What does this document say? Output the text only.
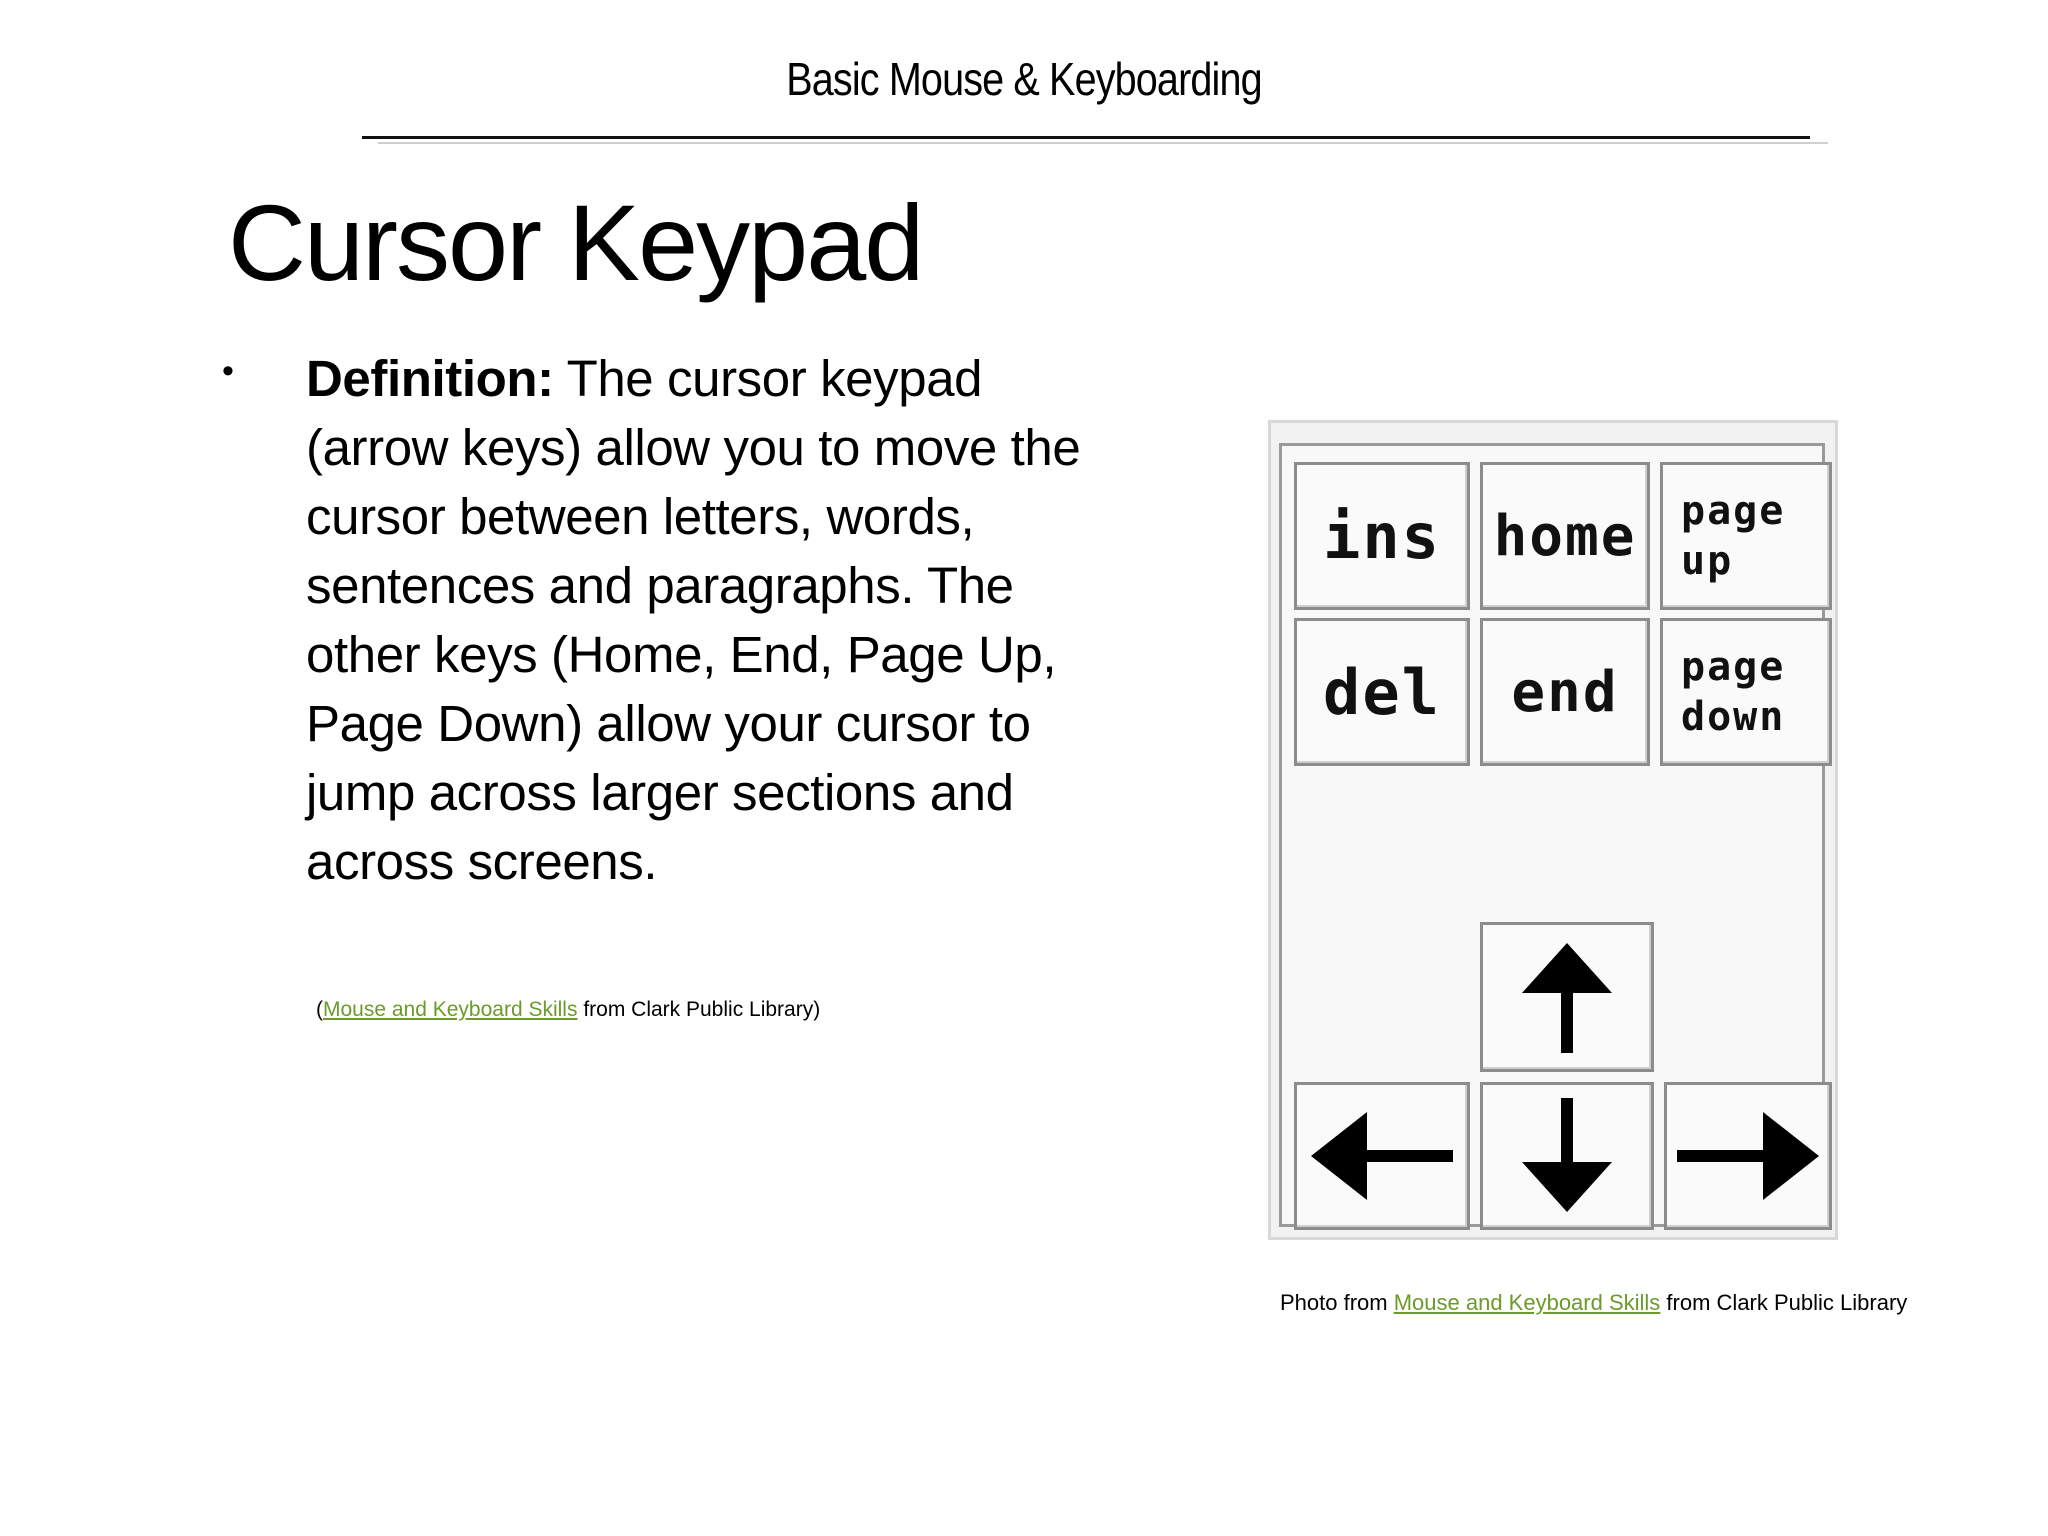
Basic Mouse & Keyboarding
Cursor Keypad
• Definition: The cursor keypad (arrow keys) allow you to move the cursor between letters, words, sentences and paragraphs. The other keys (Home, End, Page Up, Page Down) allow your cursor to jump across larger sections and across screens.

(Mouse and Keyboard Skills from Clark Public Library)
ins home	page
up
del end	page
down
Photo from Mouse and Keyboard Skills from Clark Public Library
